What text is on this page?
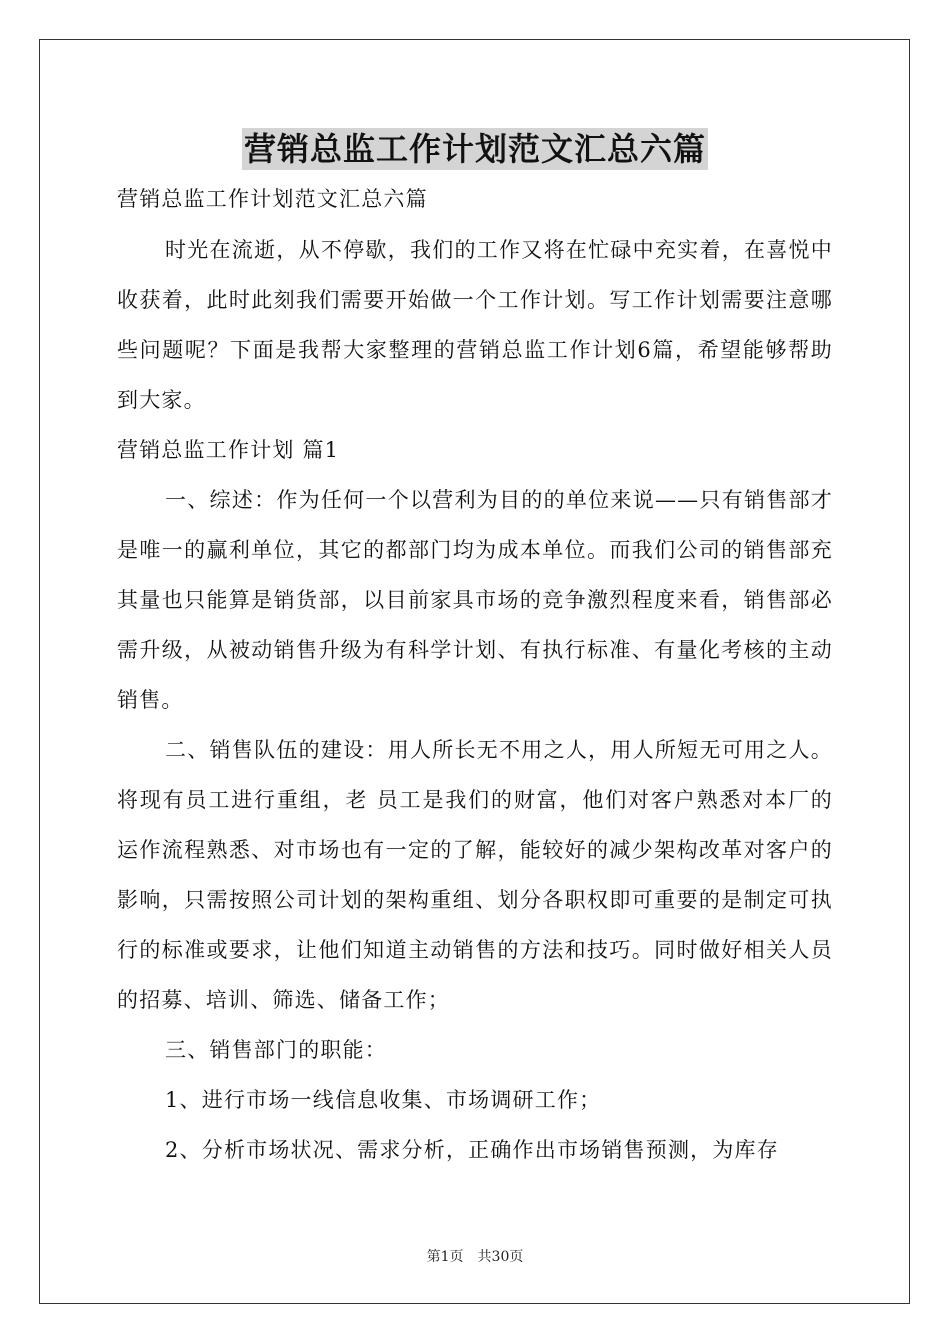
营销总监工作计划范文汇总六篇

营销总监工作计划范文汇总六篇

时光在流逝，从不停歇，我们的工作又将在忙碌中充实着，在喜悦中收获着，此时此刻我们需要开始做一个工作计划。写工作计划需要注意哪些问题呢？下面是我帮大家整理的营销总监工作计划6篇，希望能够帮助到大家。

营销总监工作计划 篇1

一、综述：作为任何一个以营利为目的的单位来说——只有销售部才是唯一的赢利单位，其它的都部门均为成本单位。而我们公司的销售部充其量也只能算是销货部，以目前家具市场的竞争激烈程度来看，销售部必需升级，从被动销售升级为有科学计划、有执行标准、有量化考核的主动销售。

二、销售队伍的建设：用人所长无不用之人，用人所短无可用之人。将现有员工进行重组，老 员工是我们的财富，他们对客户熟悉对本厂的运作流程熟悉、对市场也有一定的了解，能较好的减少架构改革对客户的影响，只需按照公司计划的架构重组、划分各职权即可重要的是制定可执行的标准或要求，让他们知道主动销售的方法和技巧。同时做好相关人员的招募、培训、筛选、储备工作；

三、销售部门的职能：

1、进行市场一线信息收集、市场调研工作；

2、分析市场状况、需求分析，正确作出市场销售预测，为库存

第1页　共30页
